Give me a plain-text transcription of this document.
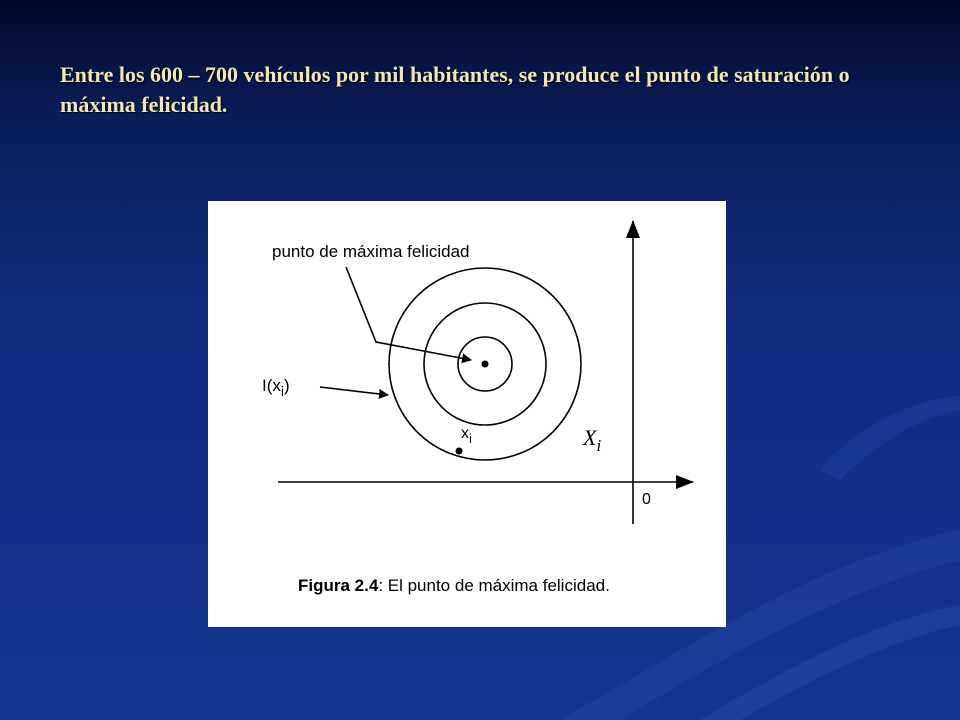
Entre los 600 – 700 vehículos por mil habitantes, se produce el punto de saturación o máxima felicidad.
punto de máxima felicidad
$I(x_i)$
$x_i$	$X_i$
0
Figura 2.4: El punto de máxima felicidad.
